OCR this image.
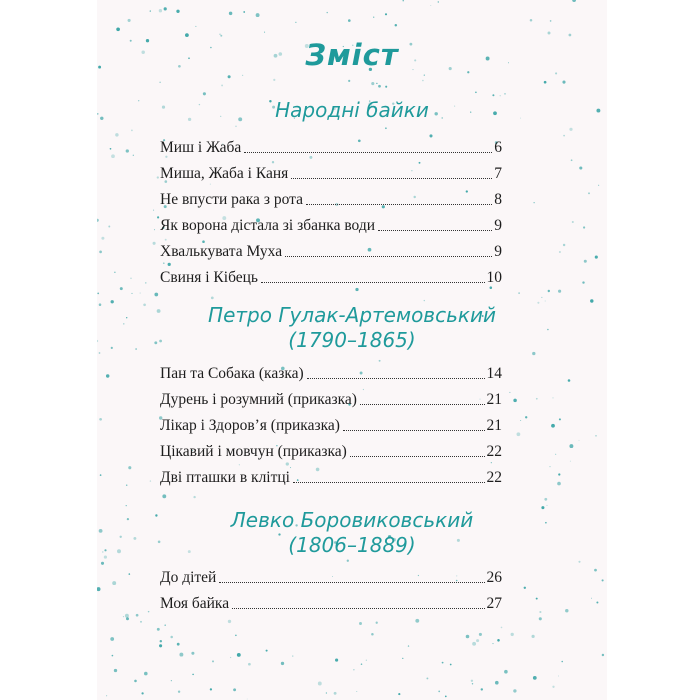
Зміст
Народні байки
Миш і Жаба	6
Миша, Жаба і Каня	7
Не впусти рака з рота	8
Як ворона дістала зі збанка води	9
Хвалькувата Муха	9
Свиня і Кібець	10
Петро Гулак-Артемовський
(1790–1865)
Пан та Собака (казка)	14
Дурень і розумний (приказка)	21
Лікар і Здоров’я (приказка)	21
Цікавий і мовчун (приказка)	22
Дві пташки в клітці	22
Левко Боровиковський
(1806–1889)
До дітей	26
Моя байка	27
